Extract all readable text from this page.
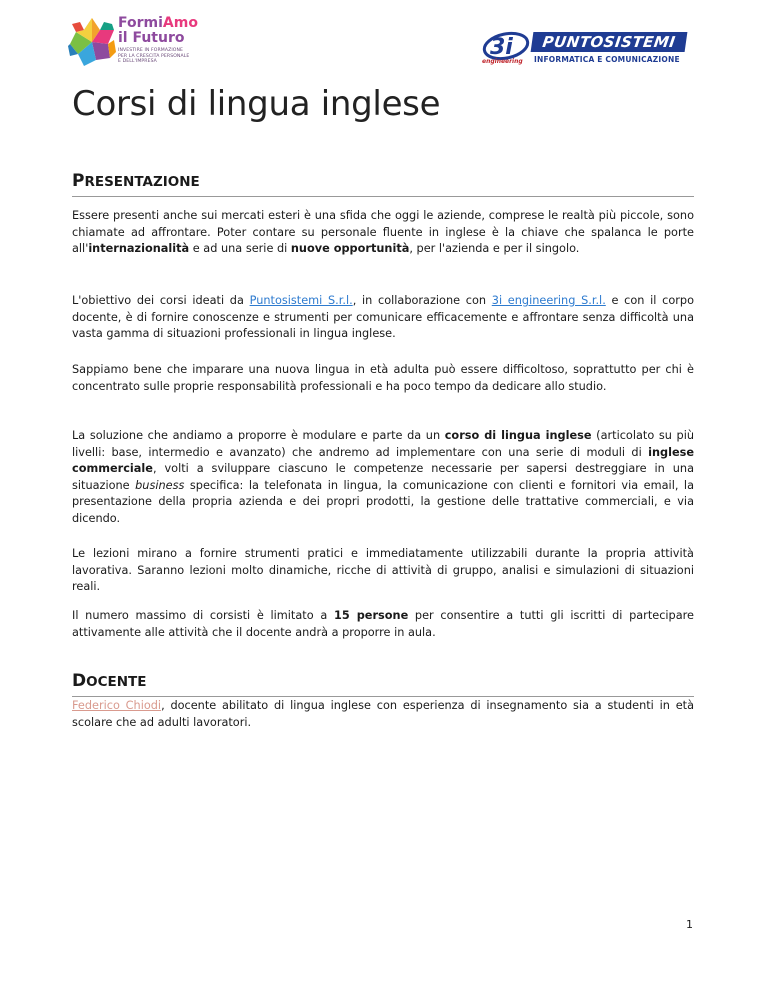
FormiAmo
il Futuro
INVESTIRE IN FORMAZIONE
PER LA CRESCITA PERSONALE
E DELL'IMPRESA
3i
engineering
PUNTOSISTEMI
INFORMATICA E COMUNICAZIONE
Corsi di lingua inglese
PRESENTAZIONE

Essere presenti anche sui mercati esteri è una sfida che oggi le aziende, comprese le realtà più piccole, sono chiamate ad affrontare. Poter contare su personale fluente in inglese è la chiave che spalanca le porte all'internazionalità e ad una serie di nuove opportunità, per l'azienda e per il singolo.

L'obiettivo dei corsi ideati da Puntosistemi S.r.l., in collaborazione con 3i engineering S.r.l. e con il corpo docente, è di fornire conoscenze e strumenti per comunicare efficacemente e affrontare senza difficoltà una vasta gamma di situazioni professionali in lingua inglese.

Sappiamo bene che imparare una nuova lingua in età adulta può essere difficoltoso, soprattutto per chi è concentrato sulle proprie responsabilità professionali e ha poco tempo da dedicare allo studio.

La soluzione che andiamo a proporre è modulare e parte da un corso di lingua inglese (articolato su più livelli: base, intermedio e avanzato) che andremo ad implementare con una serie di moduli di inglese commerciale, volti a sviluppare ciascuno le competenze necessarie per sapersi destreggiare in una situazione business specifica: la telefonata in lingua, la comunicazione con clienti e fornitori via email, la presentazione della propria azienda e dei propri prodotti, la gestione delle trattative commerciali, e via dicendo.

Le lezioni mirano a fornire strumenti pratici e immediatamente utilizzabili durante la propria attività lavorativa. Saranno lezioni molto dinamiche, ricche di attività di gruppo, analisi e simulazioni di situazioni reali.

Il numero massimo di corsisti è limitato a 15 persone per consentire a tutti gli iscritti di partecipare attivamente alle attività che il docente andrà a proporre in aula.

DOCENTE

Federico Chiodi, docente abilitato di lingua inglese con esperienza di insegnamento sia a studenti in età scolare che ad adulti lavoratori.

1
